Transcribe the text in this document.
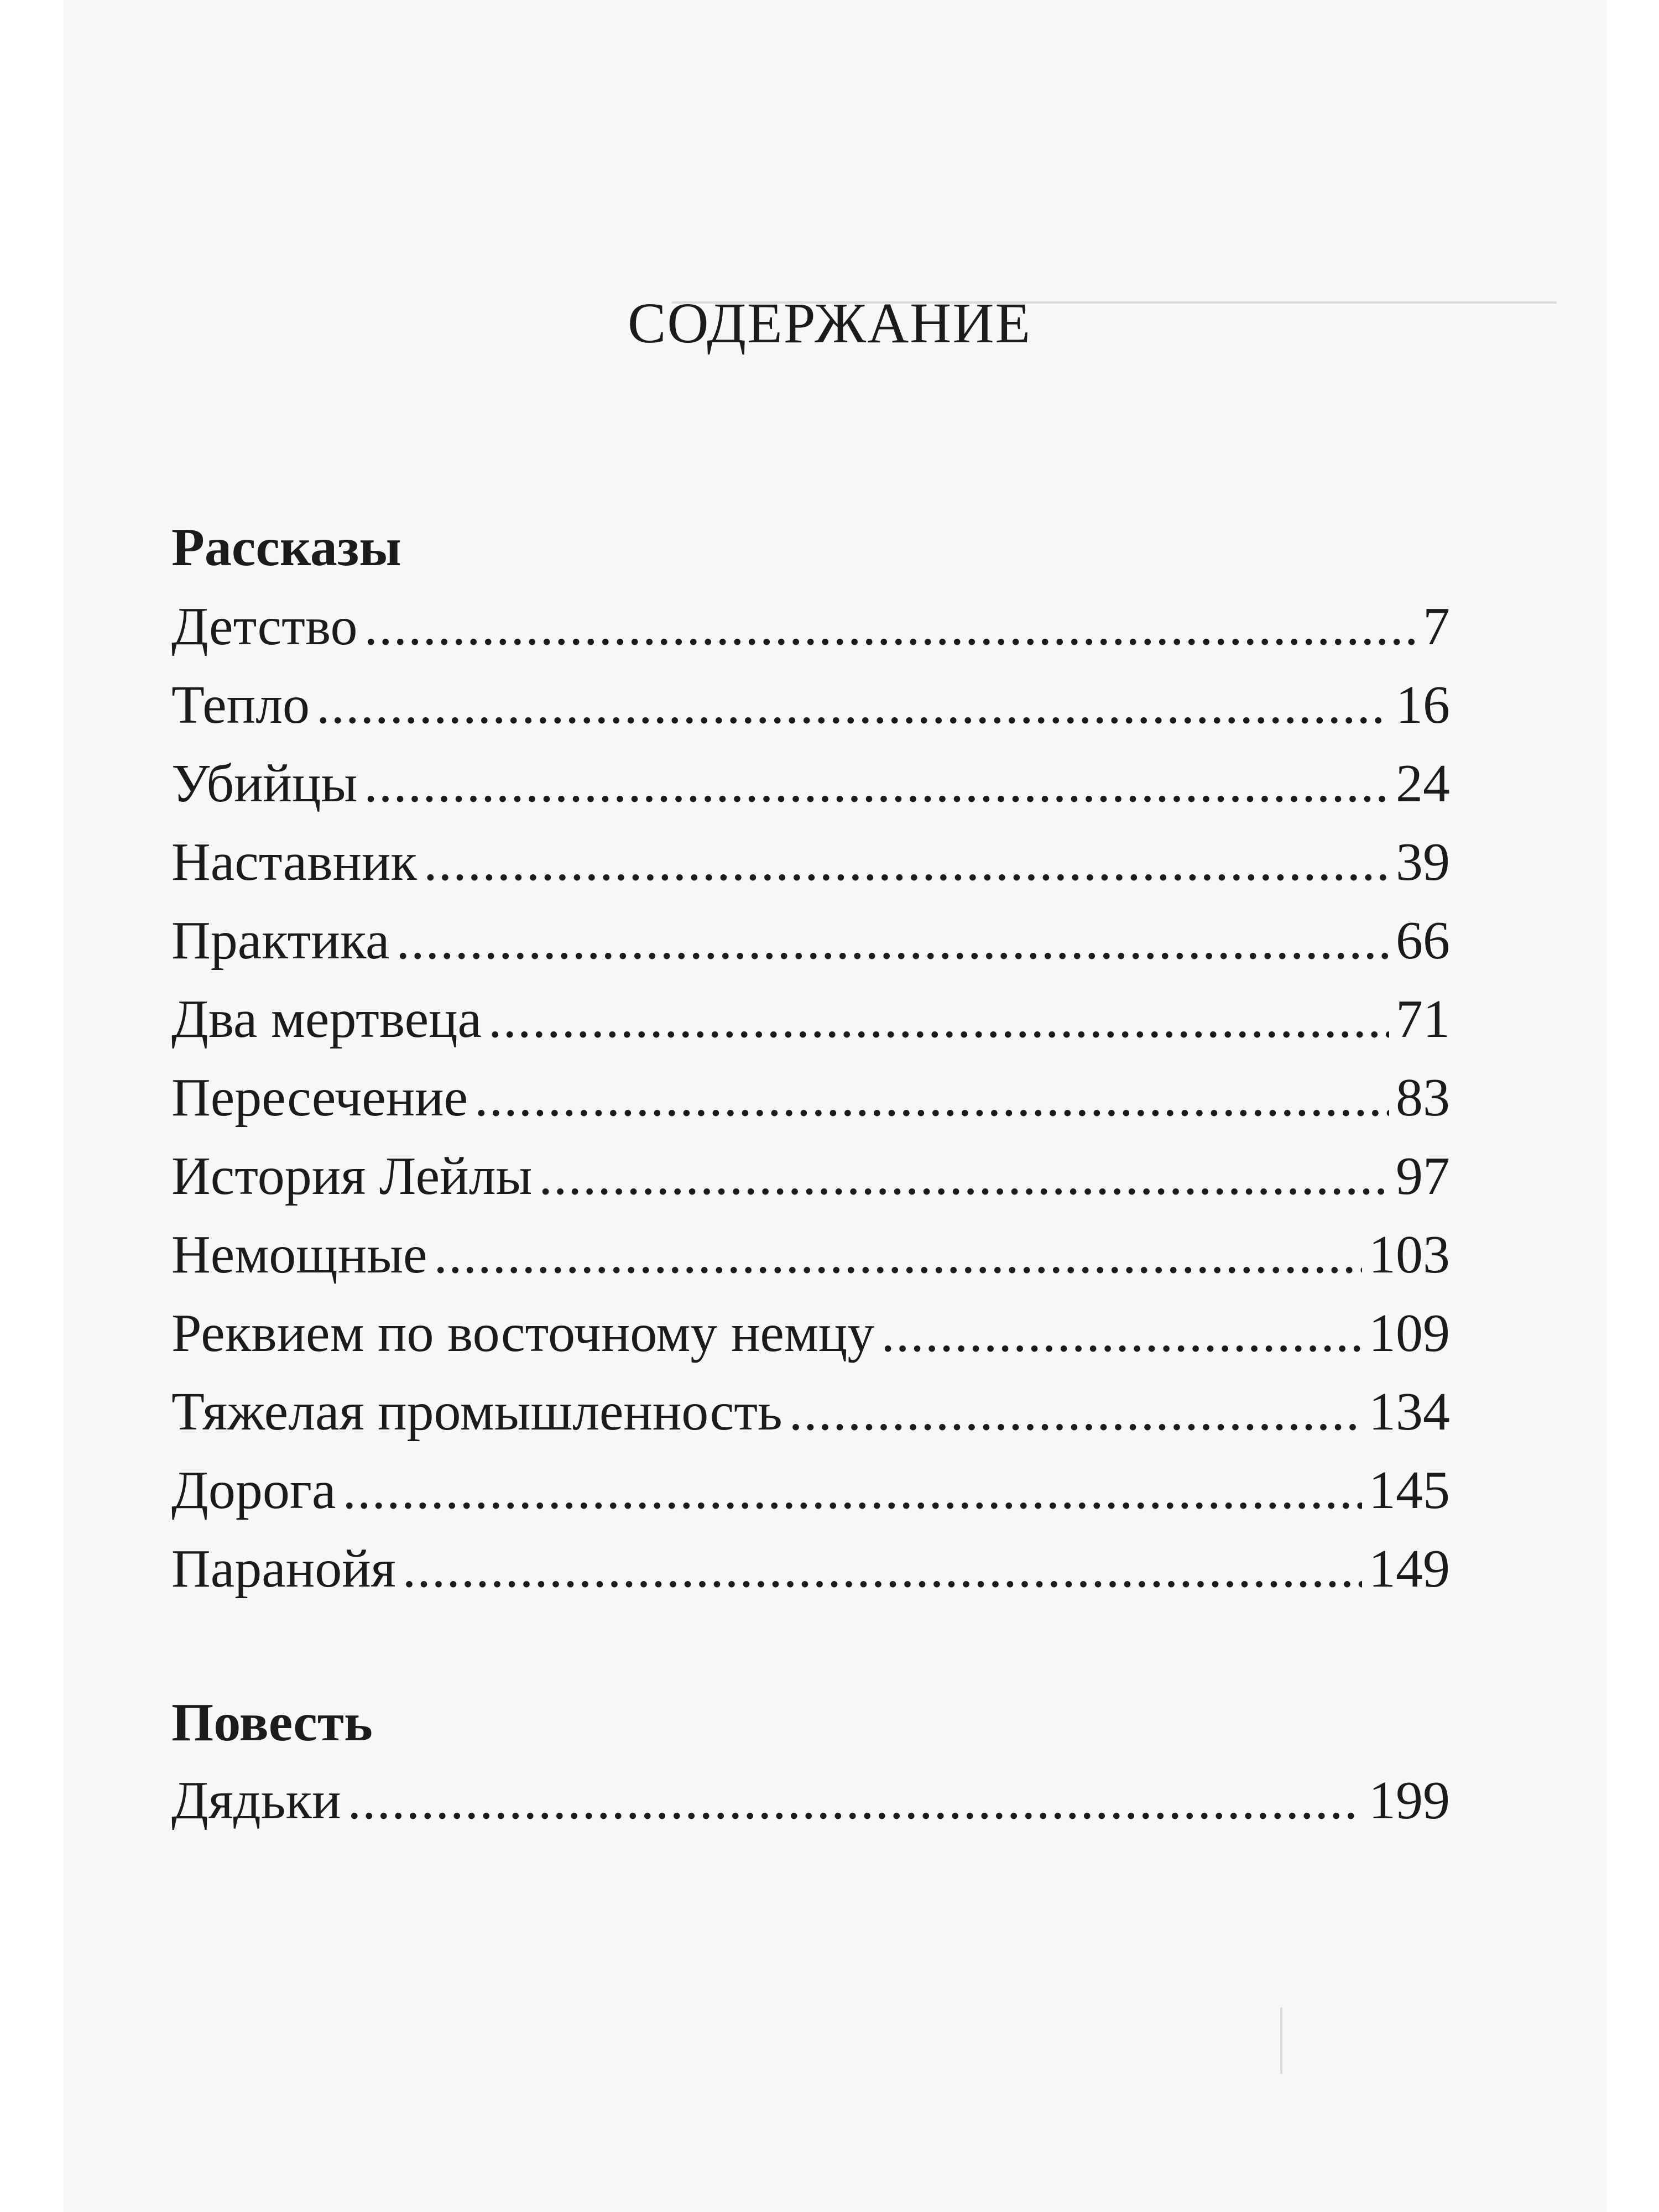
СОДЕРЖАНИЕ
Рассказы
Детство .....	7
Тепло .....	16
Убийцы .....	24
Наставник .....	39
Практика .....	66
Два мертвеца .....	71
Пересечение .....	83
История Лейлы .....	97
Немощные .....	103
Реквием по восточному немцу .....	109
Тяжелая промышленность .....	134
Дорога .....	145
Паранойя .....	149
Повесть
Дядьки .....	199
